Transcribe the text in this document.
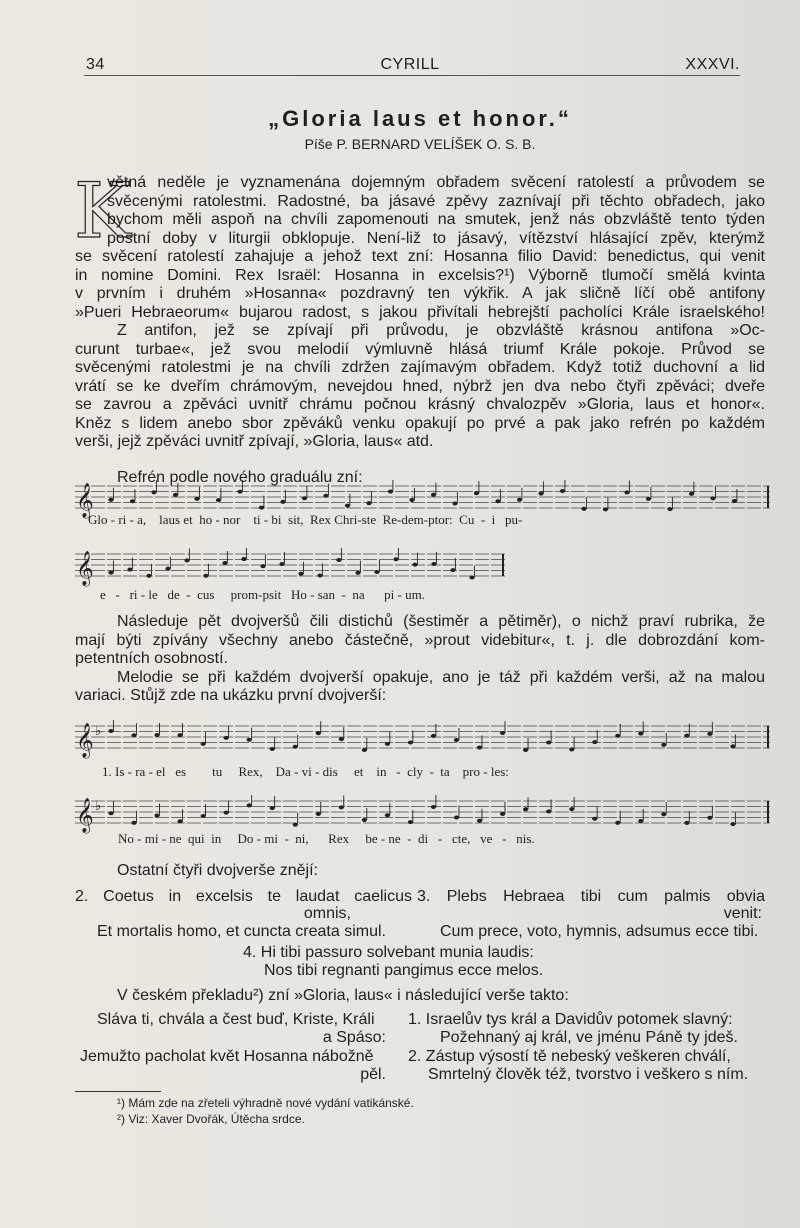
34	CYRILL	XXXVI.
„Gloria laus et honor.“
Píše P. BERNARD VELÍŠEK O. S. B.
K
větná neděle je vyznamenána dojemným obřadem svěcení ratolestí a průvodem se
svěcenými ratolestmi. Radostné, ba jásavé zpěvy zaznívají při těchto obřadech, jako
bychom měli aspoň na chvíli zapomenouti na smutek, jenž nás obzvláště tento týden
postní doby v liturgii obklopuje. Není-liž to jásavý, vítězství hlásající zpěv, kterýmž
se svěcení ratolestí zahajuje a jehož text zní: Hosanna filio David: benedictus, qui venit
in nomine Domini. Rex Israël: Hosanna in excelsis?¹) Výborně tlumočí smělá kvinta
v prvním i druhém »Hosanna« pozdravný ten výkřik. A jak sličně líčí obě antifony
»Pueri Hebraeorum« bujarou radost, s jakou přivítali hebrejští pacholíci Krále israelského!
Z antifon, jež se zpívají při průvodu, je obzvláště krásnou antifona »Oc-
curunt turbae«, jež svou melodií výmluvně hlásá triumf Krále pokoje. Průvod se
svěcenými ratolestmi je na chvíli zdržen zajímavým obřadem. Když totiž duchovní a lid
vrátí se ke dveřím chrámovým, nevejdou hned, nýbrž jen dva nebo čtyři zpěváci; dveře
se zavrou a zpěváci uvnitř chrámu počnou krásný chvalozpěv »Gloria, laus et honor«.
Kněz s lidem anebo sbor zpěváků venku opakují po prvé a pak jako refrén po každém
verši, jejž zpěváci uvnitř zpívají, »Gloria, laus« atd.
Refrén podle nového graduálu zní:
𝄞
Glo - ri - a,    laus et  ho - nor    ti - bi  sit,  Rex Chri-ste  Re-dem-ptor:  Cu  -  i   pu-
𝄞
e   -   ri - le   de  -  cus     prom-psit   Ho - san  -  na      pi - um.
Následuje pět dvojveršů čili distichů (šestiměr a pětiměr), o nichž praví rubrika, že
mají býti zpívány všechny anebo částečně, »prout videbitur«, t. j. dle dobrozdání kom-
petentních osobností.
Melodie se při každém dvojverší opakuje, ano je táž při každém verši, až na malou
variaci. Stůjž zde na ukázku první dvojverší:
𝄞 ♭
1. Is - ra - el   es        tu     Rex,    Da - vi - dis     et    in   -  cly  -  ta    pro - les:
𝄞 ♭
No - mi - ne  qui  in     Do - mi  -  ni,      Rex     be - ne  -  di   -   cte,   ve   -   nis.
Ostatní čtyři dvojverše znějí:
2. Coetus in excelsis te laudat caelicus
omnis,
Et mortalis homo, et cuncta creata simul.
3. Plebs Hebraea tibi cum palmis obvia
venit:
Cum prece, voto, hymnis, adsumus ecce tibi.
4. Hi tibi passuro solvebant munia laudis:
Nos tibi regnanti pangimus ecce melos.
V českém překladu²) zní »Gloria, laus« i následující verše takto:
Sláva ti, chvála a čest buď, Kriste, Králi
a Spáso:
Jemužto pacholat květ Hosanna nábožně
pěl.
1. Israelův tys král a Davidův potomek slavný:
Požehnaný aj král, ve jménu Páně ty jdeš.
2. Zástup výsostí tě nebeský veškeren chválí,
Smrtelný člověk též, tvorstvo i veškero s ním.
¹) Mám zde na zřeteli výhradně nové vydání vatikánské.
²) Viz: Xaver Dvořák, Útěcha srdce.
